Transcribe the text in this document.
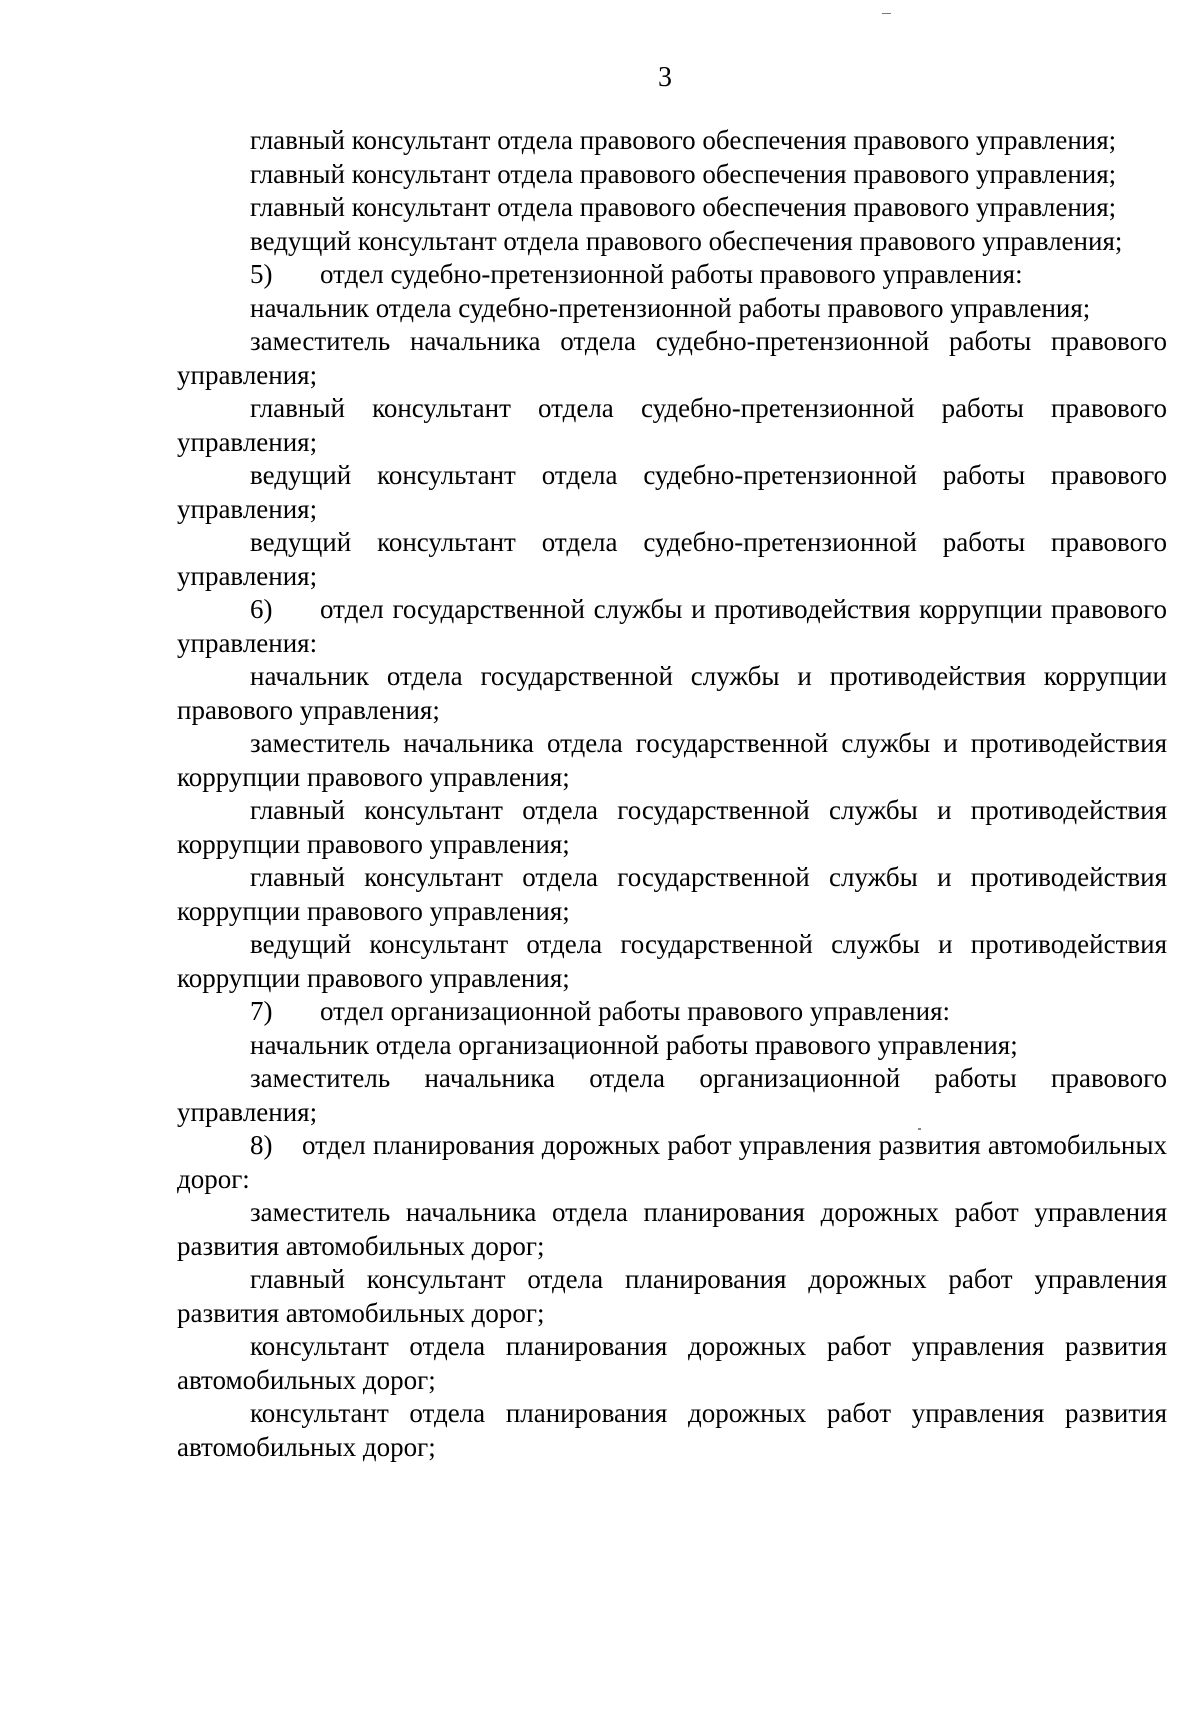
3

главный консультант отдела правового обеспечения правового управления;

главный консультант отдела правового обеспечения правового управления;

главный консультант отдела правового обеспечения правового управления;

ведущий консультант отдела правового обеспечения правового управления;

5) отдел судебно-претензионной работы правового управления:

начальник отдела судебно-претензионной работы правового управления;

заместитель начальника отдела судебно-претензионной работы правового управления;

главный консультант отдела судебно-претензионной работы правового управления;

ведущий консультант отдела судебно-претензионной работы правового управления;

ведущий консультант отдела судебно-претензионной работы правового управления;

6) отдел государственной службы и противодействия коррупции правового управления:

начальник отдела государственной службы и противодействия коррупции правового управления;

заместитель начальника отдела государственной службы и противодействия коррупции правового управления;

главный консультант отдела государственной службы и противодействия коррупции правового управления;

главный консультант отдела государственной службы и противодействия коррупции правового управления;

ведущий консультант отдела государственной службы и противодействия коррупции правового управления;

7) отдел организационной работы правового управления:

начальник отдела организационной работы правового управления;

заместитель начальника отдела организационной работы правового управления;

8) отдел планирования дорожных работ управления развития автомобильных дорог:

заместитель начальника отдела планирования дорожных работ управления развития автомобильных дорог;

главный консультант отдела планирования дорожных работ управления развития автомобильных дорог;

консультант отдела планирования дорожных работ управления развития автомобильных дорог;

консультант отдела планирования дорожных работ управления развития автомобильных дорог;
